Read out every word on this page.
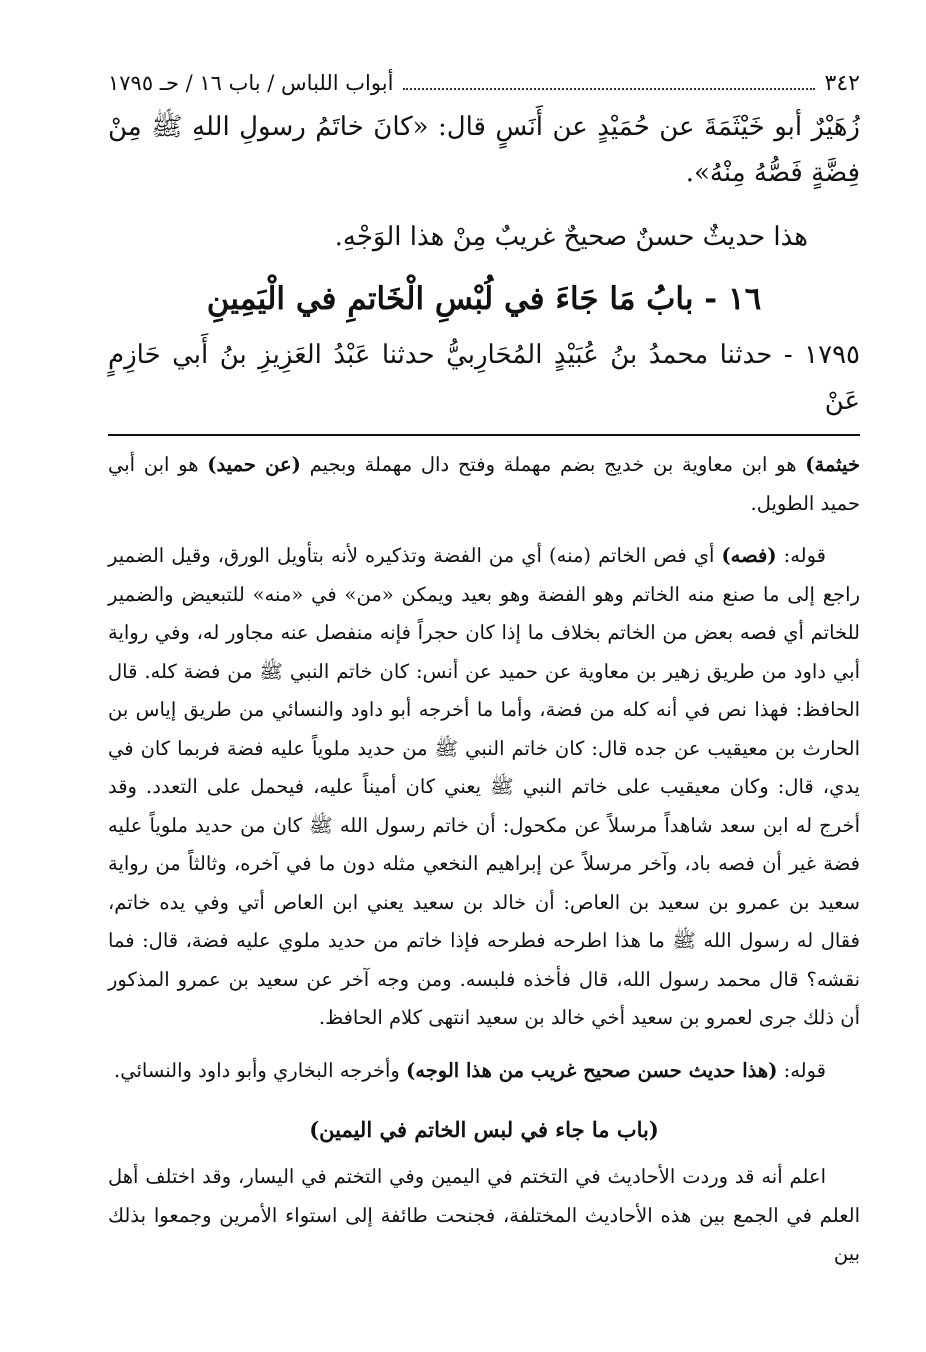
٣٤٢
أبواب اللباس / باب ١٦ / حـ ١٧٩٥

زُهَيْرٌ أبو خَيْثَمَةَ عن حُمَيْدٍ عن أَنَسٍ قال: «كانَ خاتَمُ رسولِ اللهِ ﷺ مِنْ فِضَّةٍ فَصُّهُ مِنْهُ».

هذا حديثٌ حسنٌ صحيحٌ غريبٌ مِنْ هذا الوَجْهِ.

١٦ - بابُ مَا جَاءَ في لُبْسِ الْخَاتمِ في الْيَمِينِ

١٧٩٥ - حدثنا محمدُ بنُ عُبَيْدٍ المُحَارِبيُّ حدثنا عَبْدُ العَزِيزِ بنُ أَبي حَازِمٍ عَنْ

خيثمة) هو ابن معاوية بن خديج بضم مهملة وفتح دال مهملة وبجيم (عن حميد) هو ابن أبي حميد الطويل.

قوله: (فصه) أي فص الخاتم (منه) أي من الفضة وتذكيره لأنه بتأويل الورق، وقيل الضمير راجع إلى ما صنع منه الخاتم وهو الفضة وهو بعيد ويمكن «من» في «منه» للتبعيض والضمير للخاتم أي فصه بعض من الخاتم بخلاف ما إذا كان حجراً فإنه منفصل عنه مجاور له، وفي رواية أبي داود من طريق زهير بن معاوية عن حميد عن أنس: كان خاتم النبي ﷺ من فضة كله. قال الحافظ: فهذا نص في أنه كله من فضة، وأما ما أخرجه أبو داود والنسائي من طريق إياس بن الحارث بن معيقيب عن جده قال: كان خاتم النبي ﷺ من حديد ملوياً عليه فضة فربما كان في يدي، قال: وكان معيقيب على خاتم النبي ﷺ يعني كان أميناً عليه، فيحمل على التعدد. وقد أخرج له ابن سعد شاهداً مرسلاً عن مكحول: أن خاتم رسول الله ﷺ كان من حديد ملوياً عليه فضة غير أن فصه باد، وآخر مرسلاً عن إبراهيم النخعي مثله دون ما في آخره، وثالثاً من رواية سعيد بن عمرو بن سعيد بن العاص: أن خالد بن سعيد يعني ابن العاص أتي وفي يده خاتم، فقال له رسول الله ﷺ ما هذا اطرحه فطرحه فإذا خاتم من حديد ملوي عليه فضة، قال: فما نقشه؟ قال محمد رسول الله، قال فأخذه فلبسه. ومن وجه آخر عن سعيد بن عمرو المذكور أن ذلك جرى لعمرو بن سعيد أخي خالد بن سعيد انتهى كلام الحافظ.

قوله: (هذا حديث حسن صحيح غريب من هذا الوجه) وأخرجه البخاري وأبو داود والنسائي.

(باب ما جاء في لبس الخاتم في اليمين)

اعلم أنه قد وردت الأحاديث في التختم في اليمين وفي التختم في اليسار، وقد اختلف أهل العلم في الجمع بين هذه الأحاديث المختلفة، فجنحت طائفة إلى استواء الأمرين وجمعوا بذلك بين
